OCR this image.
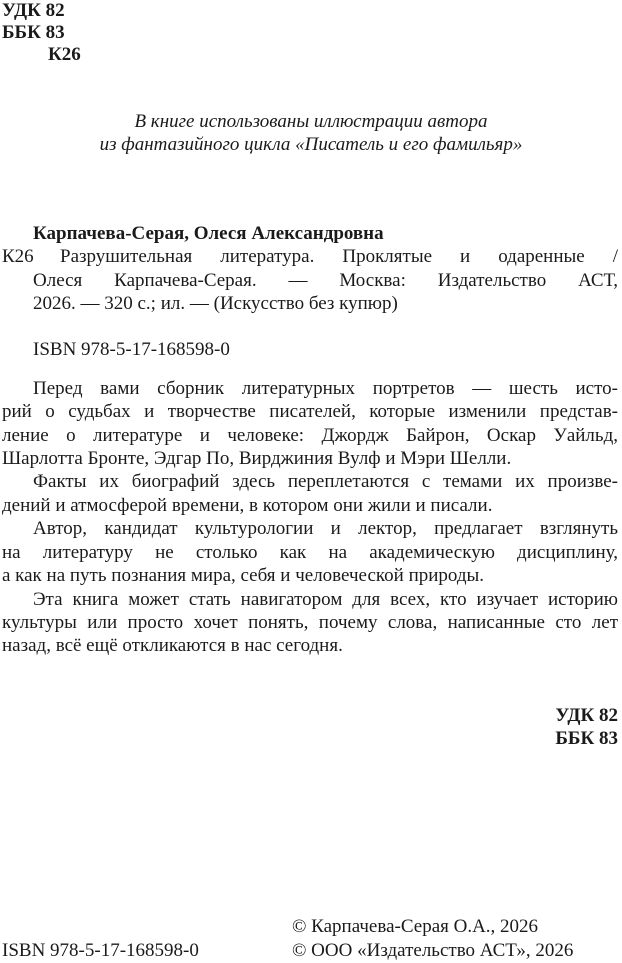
УДК 82
ББК 83
К26
В книге использованы иллюстрации автора
из фантазийного цикла «Писатель и его фамильяр»
Карпачева-Серая, Олеся Александровна
К26 Разрушительная литература. Проклятые и одаренные /
Олеся Карпачева-Серая. — Москва: Издательство АСТ,
2026. — 320 с.; ил. — (Искусство без купюр)
ISBN 978-5-17-168598-0
Перед вами сборник литературных портретов — шесть исто-
рий о судьбах и творчестве писателей, которые изменили представ-
ление о литературе и человеке: Джордж Байрон, Оскар Уайльд,
Шарлотта Бронте, Эдгар По, Вирджиния Вулф и Мэри Шелли.
Факты их биографий здесь переплетаются с темами их произве-
дений и атмосферой времени, в котором они жили и писали.
Автор, кандидат культурологии и лектор, предлагает взглянуть
на литературу не столько как на академическую дисциплину,
а как на путь познания мира, себя и человеческой природы.
Эта книга может стать навигатором для всех, кто изучает историю
культуры или просто хочет понять, почему слова, написанные сто лет
назад, всё ещё откликаются в нас сегодня.
УДК 82
ББК 83
© Карпачева-Серая О.А., 2026
ISBN 978-5-17-168598-0	© ООО «Издательство АСТ», 2026
